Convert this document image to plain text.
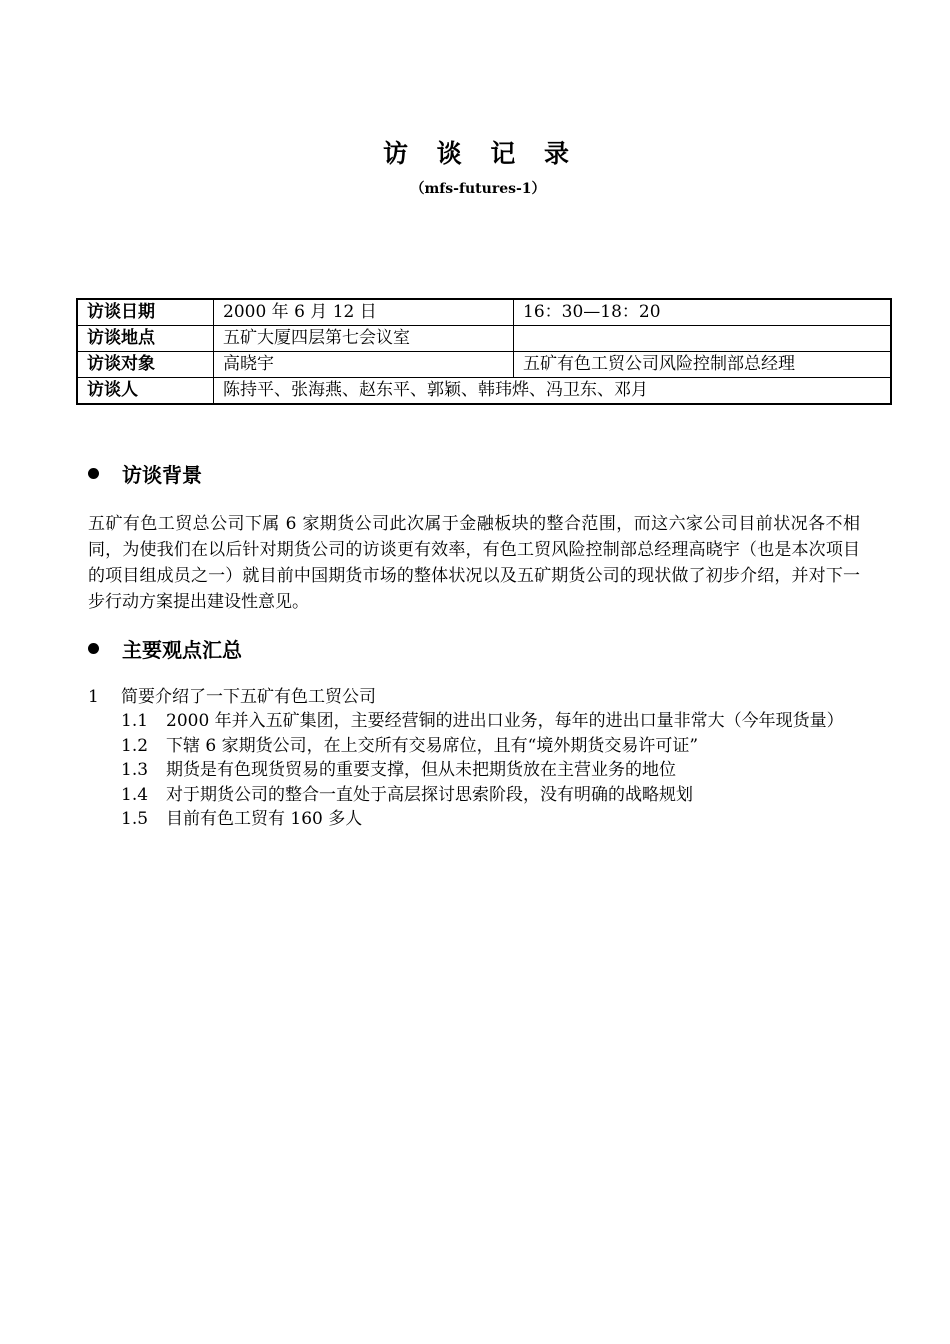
访 谈 记 录
（mfs-futures-1）
访谈日期	2000 年 6 月 12 日	16：30—18：20
访谈地点	五矿大厦四层第七会议室	
访谈对象	高晓宇	五矿有色工贸公司风险控制部总经理
访谈人	陈持平、张海燕、赵东平、郭颖、韩玮烨、冯卫东、邓月	
访谈背景
五矿有色工贸总公司下属 6 家期货公司此次属于金融板块的整合范围，而这六家公司目前状况各不相同，为使我们在以后针对期货公司的访谈更有效率，有色工贸风险控制部总经理高晓宇（也是本次项目的项目组成员之一）就目前中国期货市场的整体状况以及五矿期货公司的现状做了初步介绍，并对下一步行动方案提出建设性意见。
主要观点汇总
1	简要介绍了一下五矿有色工贸公司
1.1	2000 年并入五矿集团，主要经营铜的进出口业务，每年的进出口量非常大（今年现货量）
1.2	下辖 6 家期货公司，在上交所有交易席位，且有“境外期货交易许可证”
1.3	期货是有色现货贸易的重要支撑，但从未把期货放在主营业务的地位
1.4	对于期货公司的整合一直处于高层探讨思索阶段，没有明确的战略规划
1.5	目前有色工贸有 160 多人
